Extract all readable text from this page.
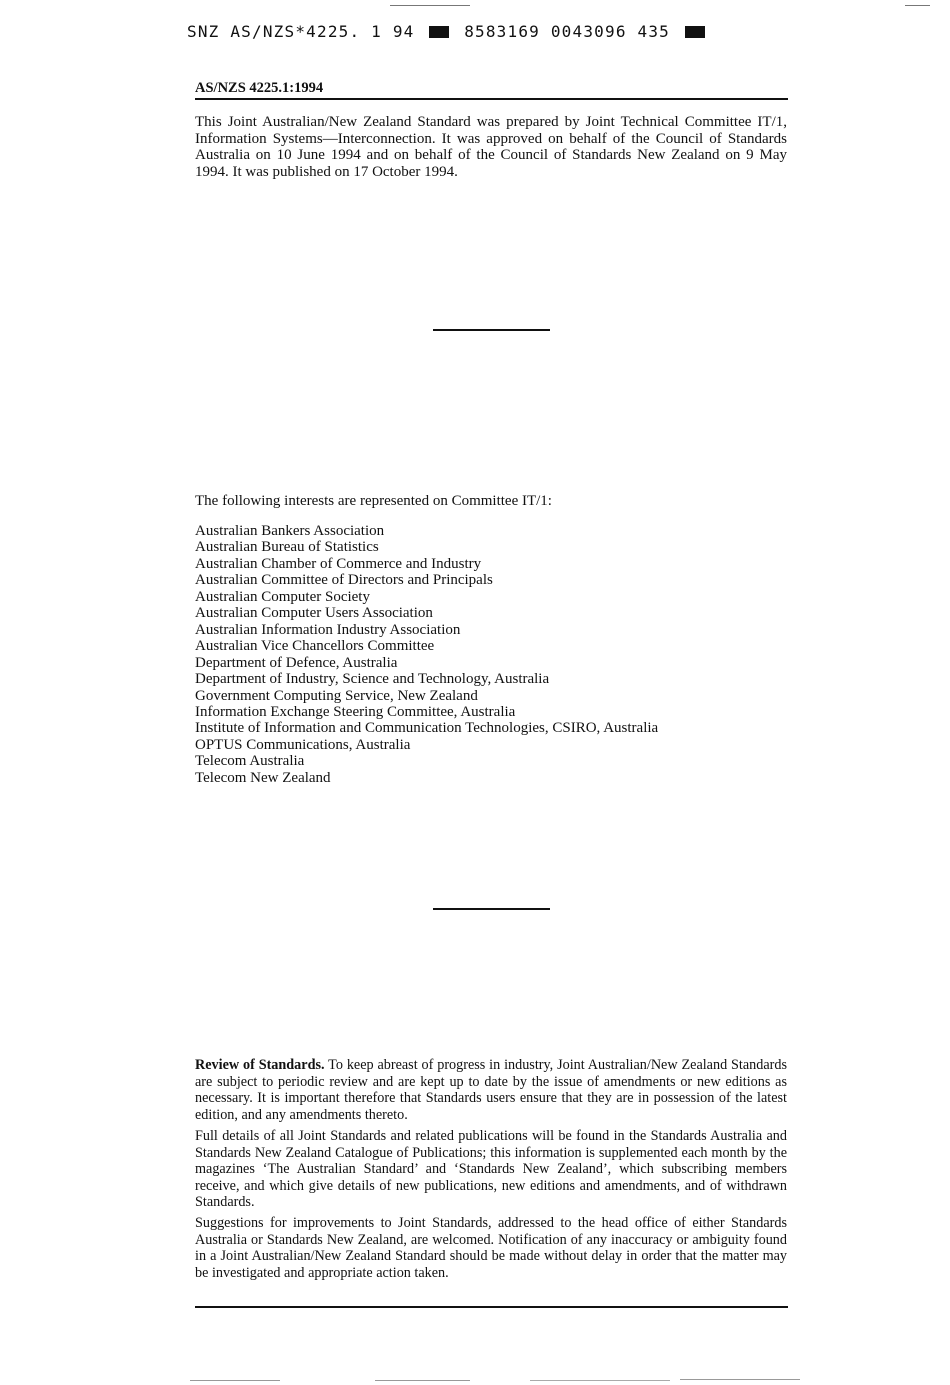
SNZ AS/NZS*4225. 1 94	8583169 0043096 435
AS/NZS 4225.1:1994

This Joint Australian/New Zealand Standard was prepared by Joint Technical Committee IT/1, Information Systems—Interconnection. It was approved on behalf of the Council of Standards Australia on 10 June 1994 and on behalf of the Council of Standards New Zealand on 9 May 1994. It was published on 17 October 1994.

The following interests are represented on Committee IT/1:
Australian Bankers Association
Australian Bureau of Statistics
Australian Chamber of Commerce and Industry
Australian Committee of Directors and Principals
Australian Computer Society
Australian Computer Users Association
Australian Information Industry Association
Australian Vice Chancellors Committee
Department of Defence, Australia
Department of Industry, Science and Technology, Australia
Government Computing Service, New Zealand
Information Exchange Steering Committee, Australia
Institute of Information and Communication Technologies, CSIRO, Australia
OPTUS Communications, Australia
Telecom Australia
Telecom New Zealand

Review of Standards. To keep abreast of progress in industry, Joint Australian/New Zealand Standards are subject to periodic review and are kept up to date by the issue of amendments or new editions as necessary. It is important therefore that Standards users ensure that they are in possession of the latest edition, and any amendments thereto.

Full details of all Joint Standards and related publications will be found in the Standards Australia and Standards New Zealand Catalogue of Publications; this information is supplemented each month by the magazines ‘The Australian Standard’ and ‘Standards New Zealand’, which subscribing members receive, and which give details of new publications, new editions and amendments, and of withdrawn Standards.

Suggestions for improvements to Joint Standards, addressed to the head office of either Standards Australia or Standards New Zealand, are welcomed. Notification of any inaccuracy or ambiguity found in a Joint Australian/New Zealand Standard should be made without delay in order that the matter may be investigated and appropriate action taken.
